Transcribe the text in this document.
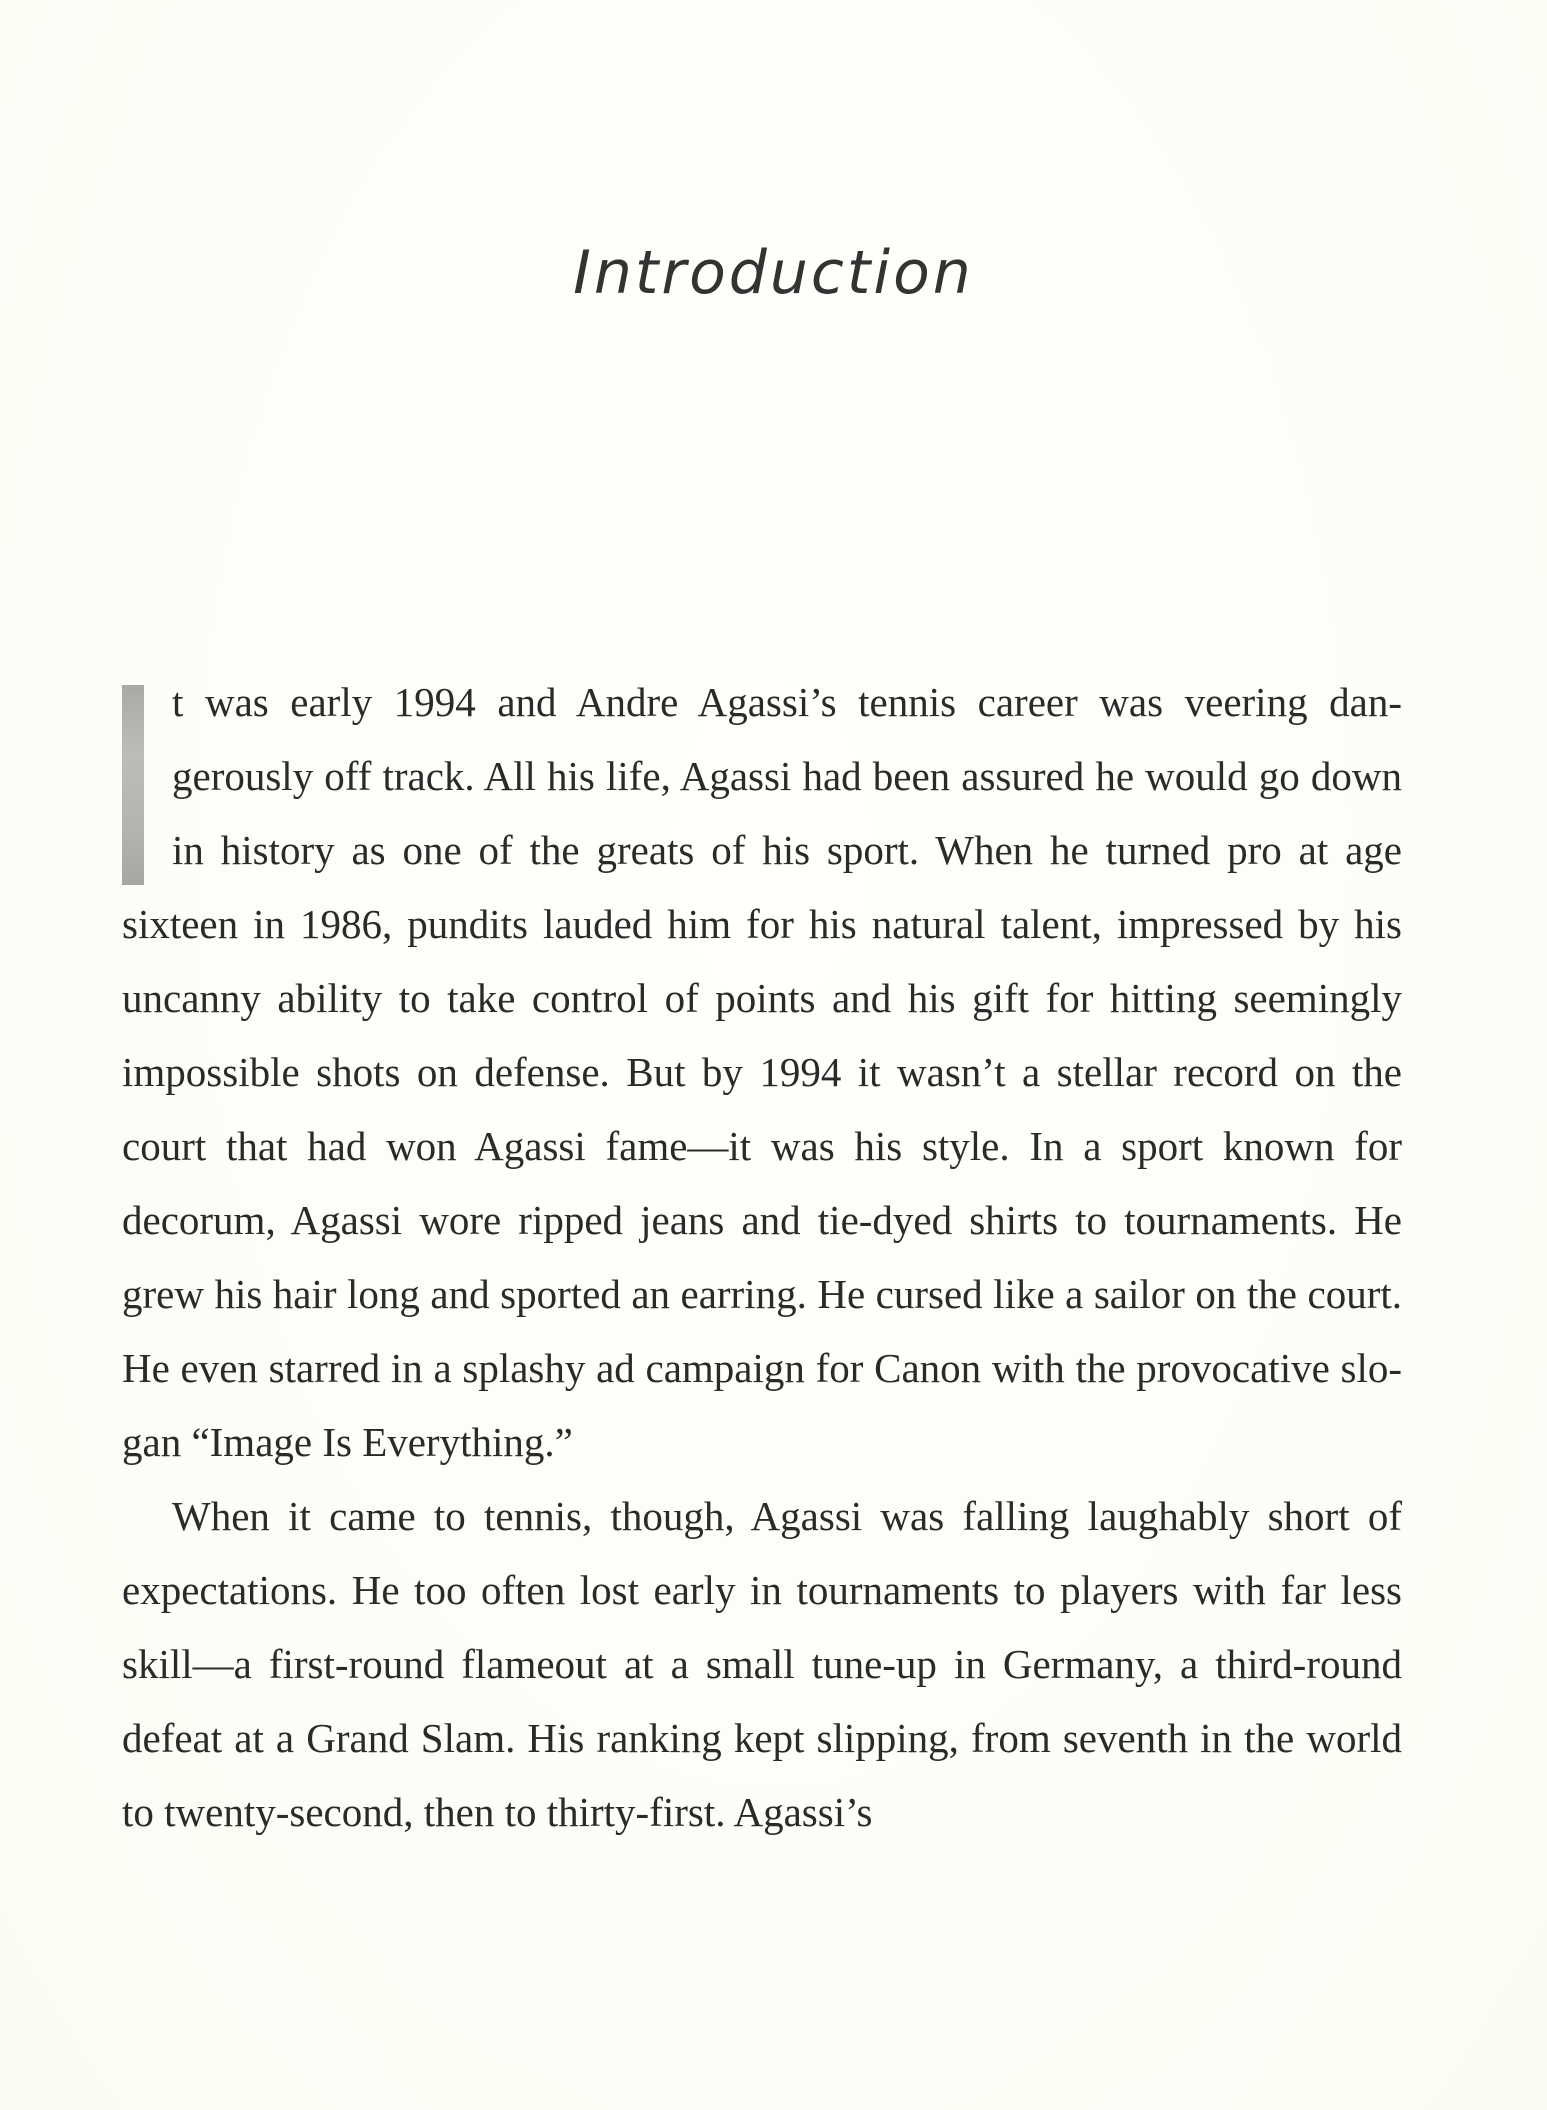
Introduction

t was early 1994 and Andre Agassi’s tennis career was veering dangerously off track. All his life, Agassi had been assured he would go down in history as one of the greats of his sport. When he turned pro at age sixteen in 1986, pundits lauded him for his natural talent, impressed by his uncanny ability to take control of points and his gift for hitting seemingly impossible shots on defense. But by 1994 it wasn’t a stellar record on the court that had won Agassi fame—it was his style. In a sport known for decorum, Agassi wore ripped jeans and tie-dyed shirts to tournaments. He grew his hair long and sported an earring. He cursed like a sailor on the court. He even starred in a splashy ad campaign for Canon with the provocative slogan “Image Is Everything.”

When it came to tennis, though, Agassi was falling laughably short of expectations. He too often lost early in tournaments to players with far less skill—a first-round flameout at a small tune-up in Germany, a third-round defeat at a Grand Slam. His ranking kept slipping, from seventh in the world to twenty-second, then to thirty-first. Agassi’s
